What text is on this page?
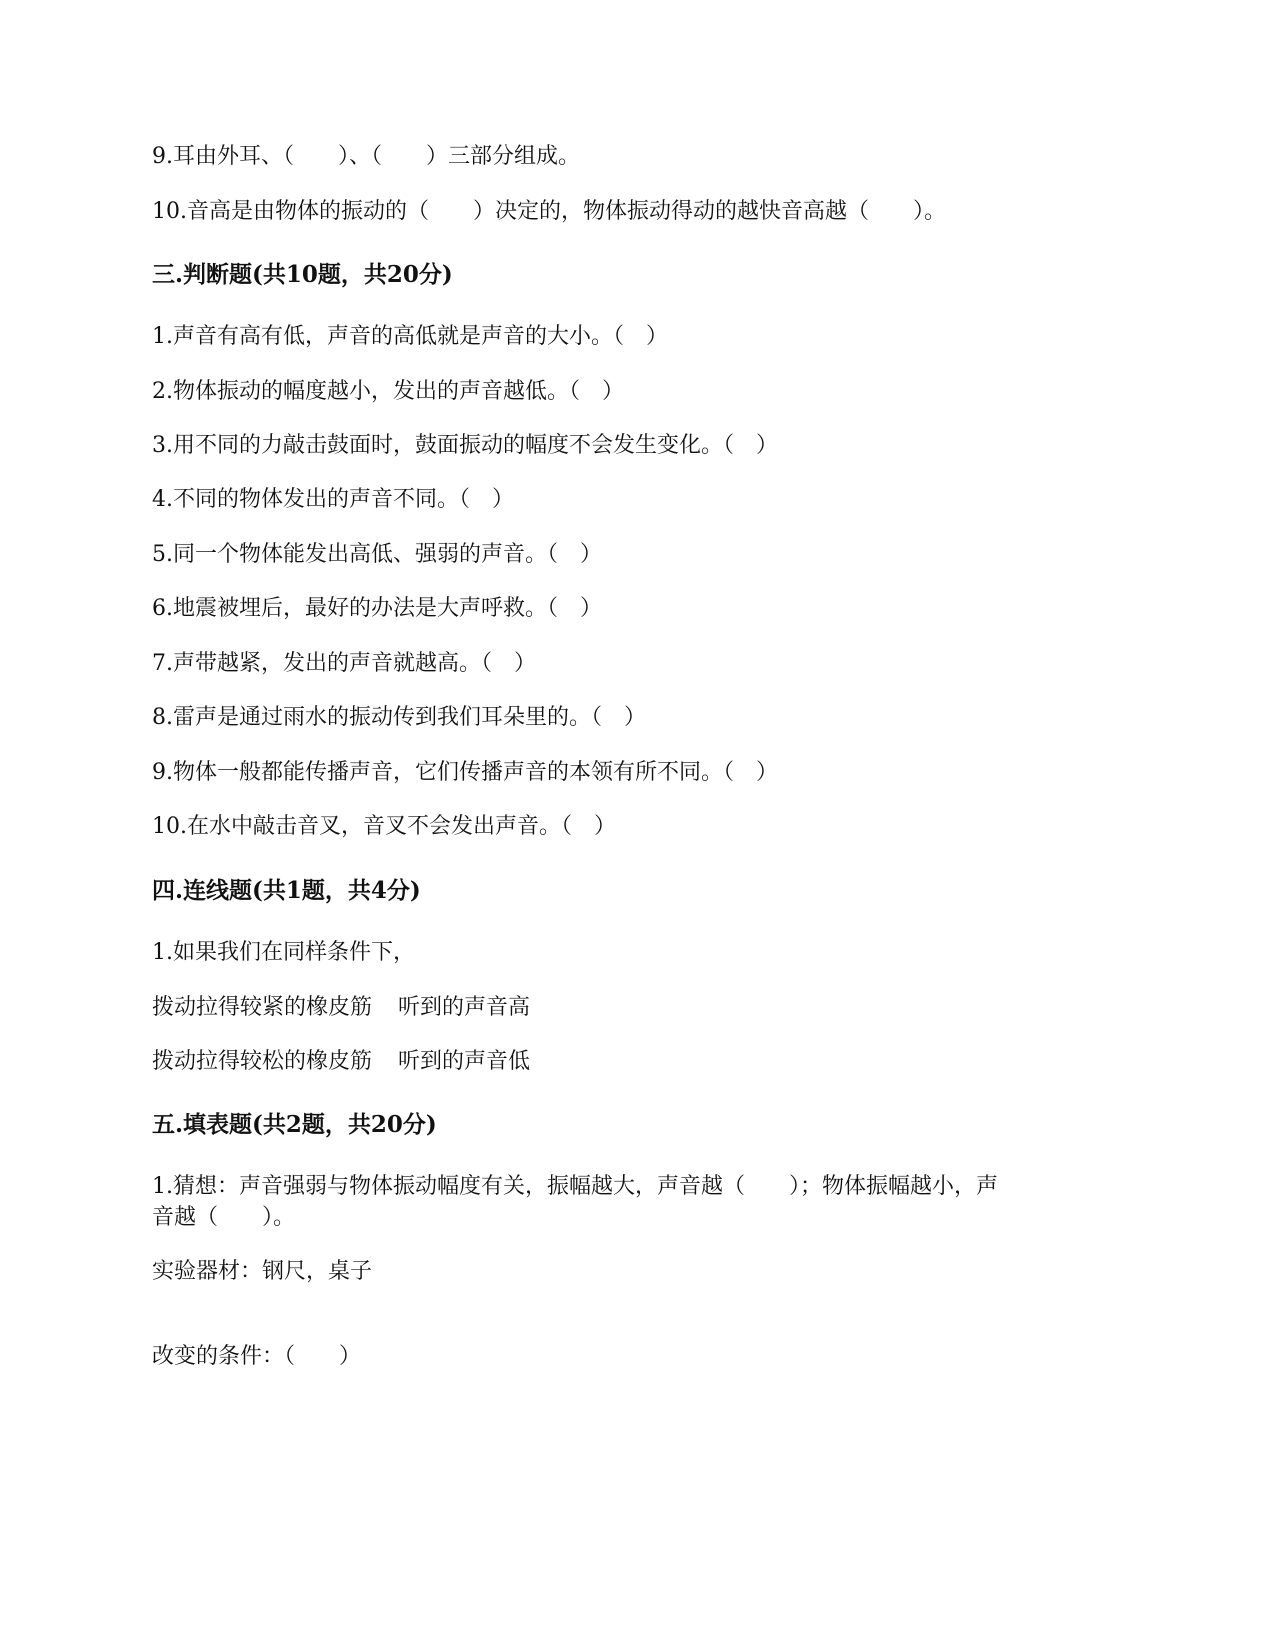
9.耳由外耳、（　　）、（　　）三部分组成。
10.音高是由物体的振动的（　　）决定的，物体振动得动的越快音高越（　　）。
三.判断题(共10题，共20分)
1.声音有高有低，声音的高低就是声音的大小。（　）
2.物体振动的幅度越小，发出的声音越低。（　）
3.用不同的力敲击鼓面时，鼓面振动的幅度不会发生变化。（　）
4.不同的物体发出的声音不同。（　）
5.同一个物体能发出高低、强弱的声音。（　）
6.地震被埋后，最好的办法是大声呼救。（　）
7.声带越紧，发出的声音就越高。（　）
8.雷声是通过雨水的振动传到我们耳朵里的。（　）
9.物体一般都能传播声音，它们传播声音的本领有所不同。（　）
10.在水中敲击音叉，音叉不会发出声音。（　）
四.连线题(共1题，共4分)
1.如果我们在同样条件下，
拨动拉得较紧的橡皮筋 听到的声音高
拨动拉得较松的橡皮筋 听到的声音低
五.填表题(共2题，共20分)
1.猜想：声音强弱与物体振动幅度有关，振幅越大，声音越（　　）；物体振幅越小，声
音越（　　）。
实验器材：钢尺，桌子
改变的条件：（　　）
